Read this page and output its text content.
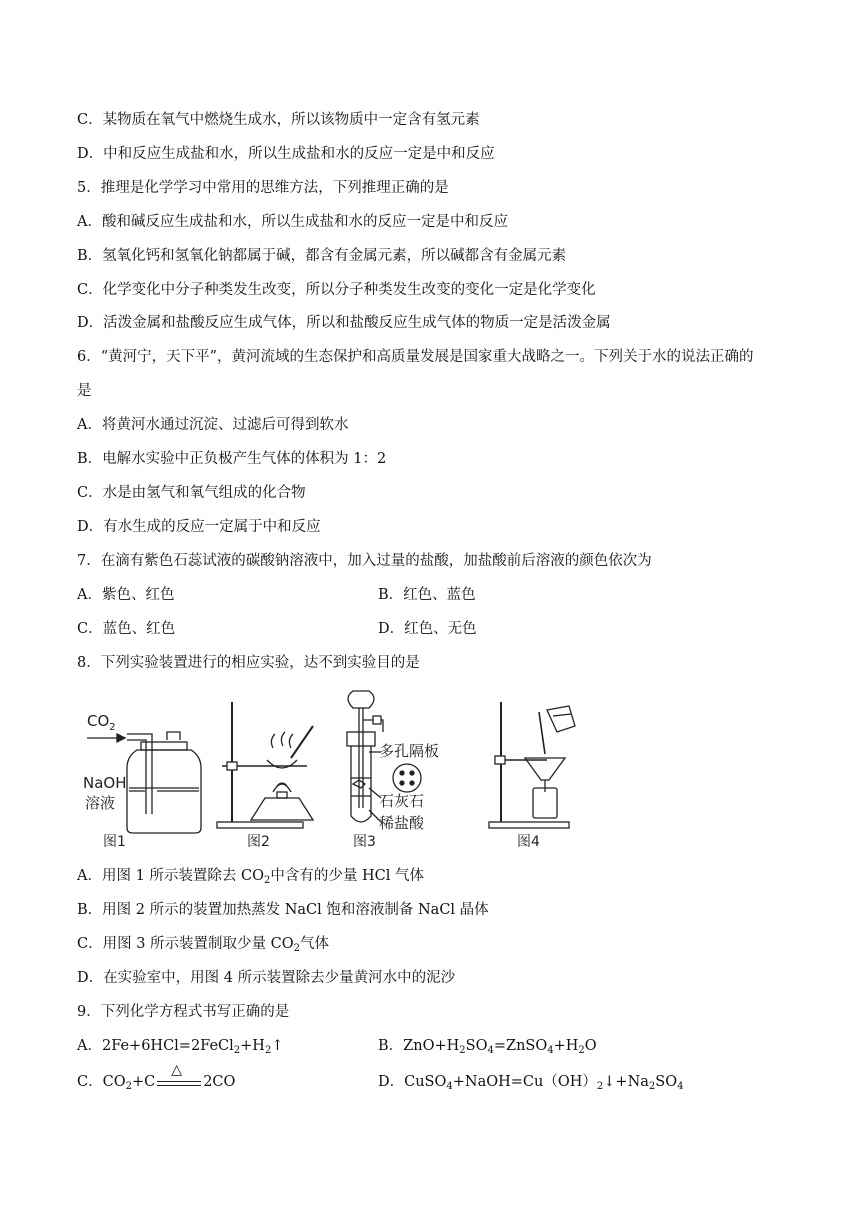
C．某物质在氧气中燃烧生成水，所以该物质中一定含有氢元素
D．中和反应生成盐和水，所以生成盐和水的反应一定是中和反应
5．推理是化学学习中常用的思维方法，下列推理正确的是
A．酸和碱反应生成盐和水，所以生成盐和水的反应一定是中和反应
B．氢氧化钙和氢氧化钠都属于碱，都含有金属元素，所以碱都含有金属元素
C．化学变化中分子种类发生改变，所以分子种类发生改变的变化一定是化学变化
D．活泼金属和盐酸反应生成气体，所以和盐酸反应生成气体的物质一定是活泼金属
6．“黄河宁，天下平”，黄河流域的生态保护和高质量发展是国家重大战略之一。下列关于水的说法正确的
是
A．将黄河水通过沉淀、过滤后可得到软水
B．电解水实验中正负极产生气体的体积为 1：2
C．水是由氢气和氧气组成的化合物
D．有水生成的反应一定属于中和反应
7．在滴有紫色石蕊试液的碳酸钠溶液中，加入过量的盐酸，加盐酸前后溶液的颜色依次为
A．紫色、红色	B．红色、蓝色
C．蓝色、红色	D．红色、无色
8．下列实验装置进行的相应实验，达不到实验目的是
$CO_2$
NaOH
溶液
图1	图2
多孔隔板
石灰石
稀盐酸
图3	图4
A．用图 1 所示装置除去 $CO_2$中含有的少量 HCl 气体
B．用图 2 所示的装置加热蒸发 NaCl 饱和溶液制备 NaCl 晶体
C．用图 3 所示装置制取少量 $CO_2$气体
D．在实验室中，用图 4 所示装置除去少量黄河水中的泥沙
9．下列化学方程式书写正确的是
A．$2Fe+6HCl=2FeCl_2+H_2↑$	B．$ZnO+H_2SO_4=ZnSO_4+H_2O$
C．$CO_2+C$
△
2CO	D．$CuSO_4+NaOH=Cu(OH)_2↓+Na_2SO_4$
